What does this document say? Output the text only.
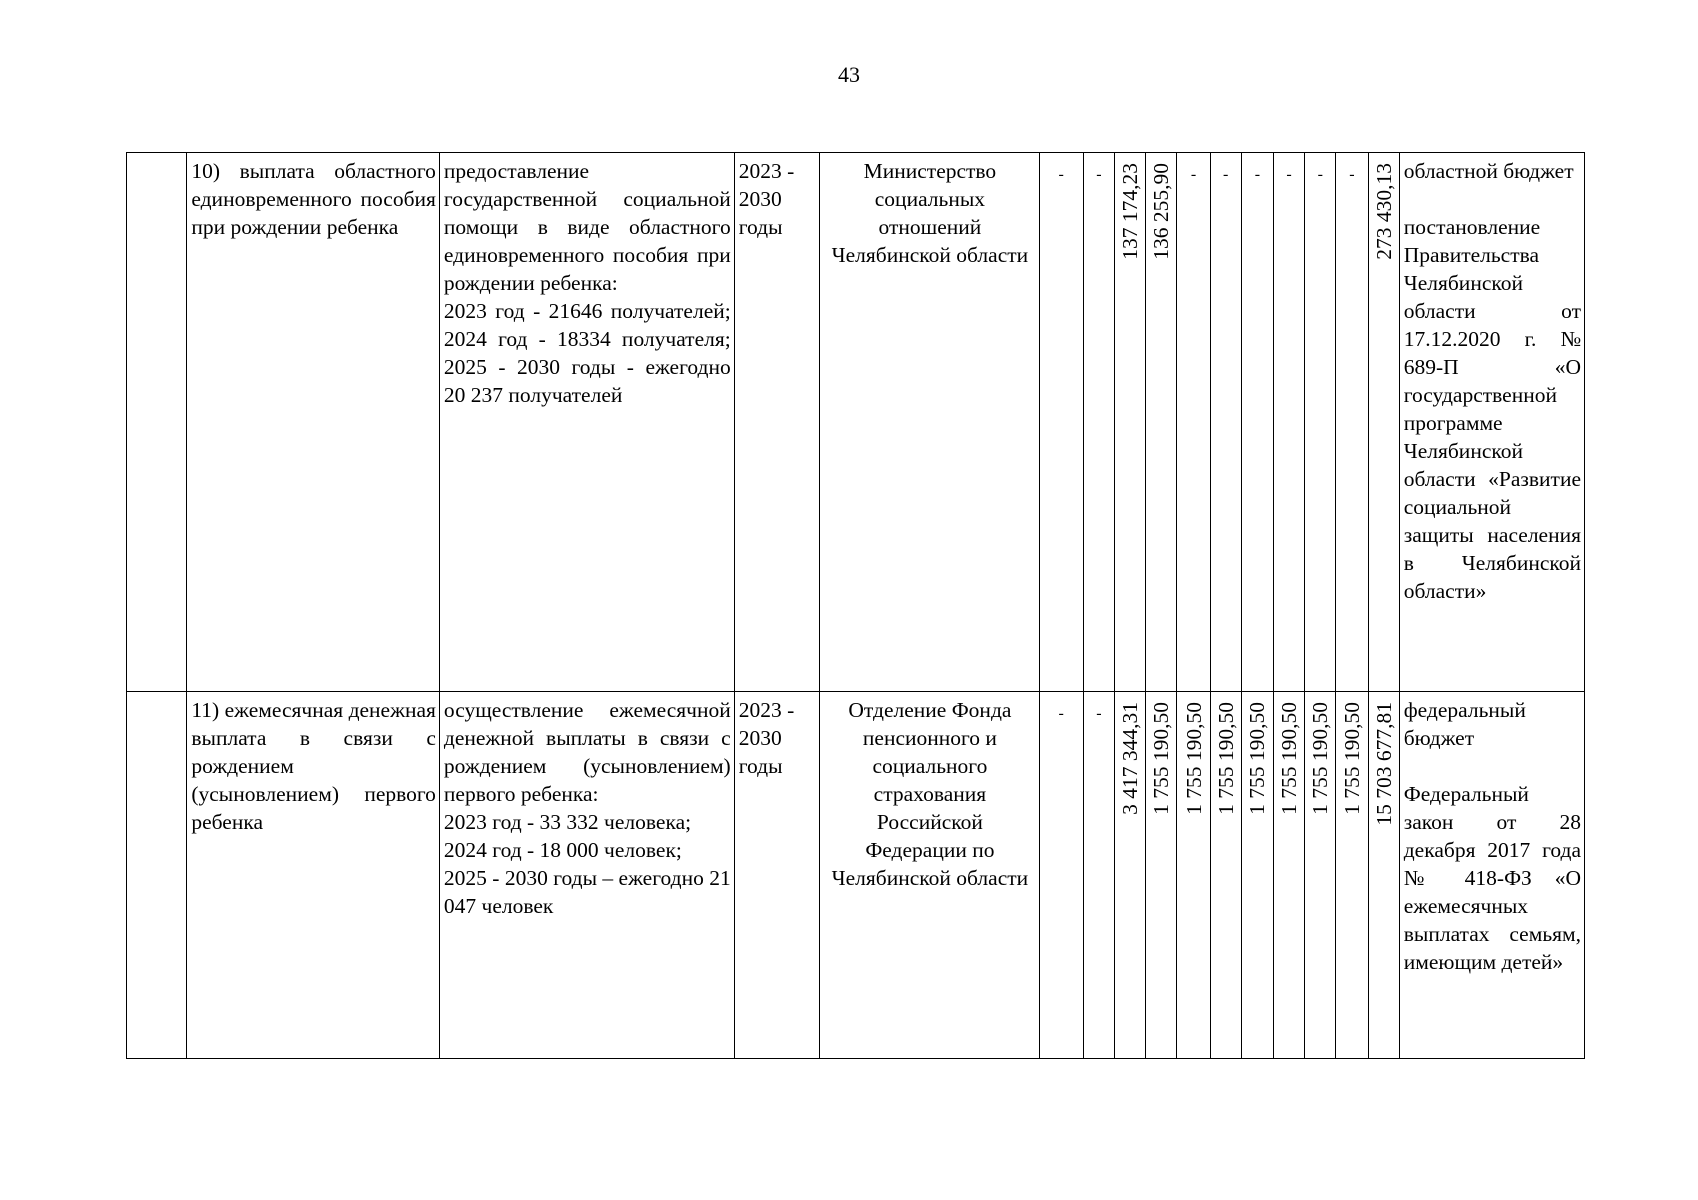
43
	10) выплата областного единовременного пособия при рождении ребенка	предоставление государственной социальной помощи в виде областного единовременного пособия при рождении ребенка:
2023 год - 21646 получателей;
2024 год - 18334 получателя;
2025 - 2030 годы - ежегодно
20 237 получателей	2023 - 2030 годы	Министерство социальных отношений Челябинской области	-	-	137 174,23	136 255,90	-	-	-	-	-	-	273 430,13	областной бюджет
постановление Правительства Челябинской области от 17.12.2020 г. № 689-П «О государственной программе Челябинской области «Развитие социальной защиты населения в Челябинской области»

	11) ежемесячная денежная выплата в связи с рождением (усыновлением) первого ребенка	осуществление ежемесячной денежной выплаты в связи с рождением (усыновлением) первого ребенка:
2023 год - 33 332 человека;
2024 год - 18 000 человек;
2025 - 2030 годы – ежегодно 21 047 человек	2023 - 2030 годы	Отделение Фонда пенсионного и социального страхования Российской Федерации по Челябинской области	-	-	3 417 344,31	1 755 190,50	1 755 190,50	1 755 190,50	1 755 190,50	1 755 190,50	1 755 190,50	1 755 190,50	15 703 677,81	федеральный бюджет
Федеральный закон от 28 декабря 2017 года № 418-ФЗ «О ежемесячных выплатах семьям, имеющим детей»
